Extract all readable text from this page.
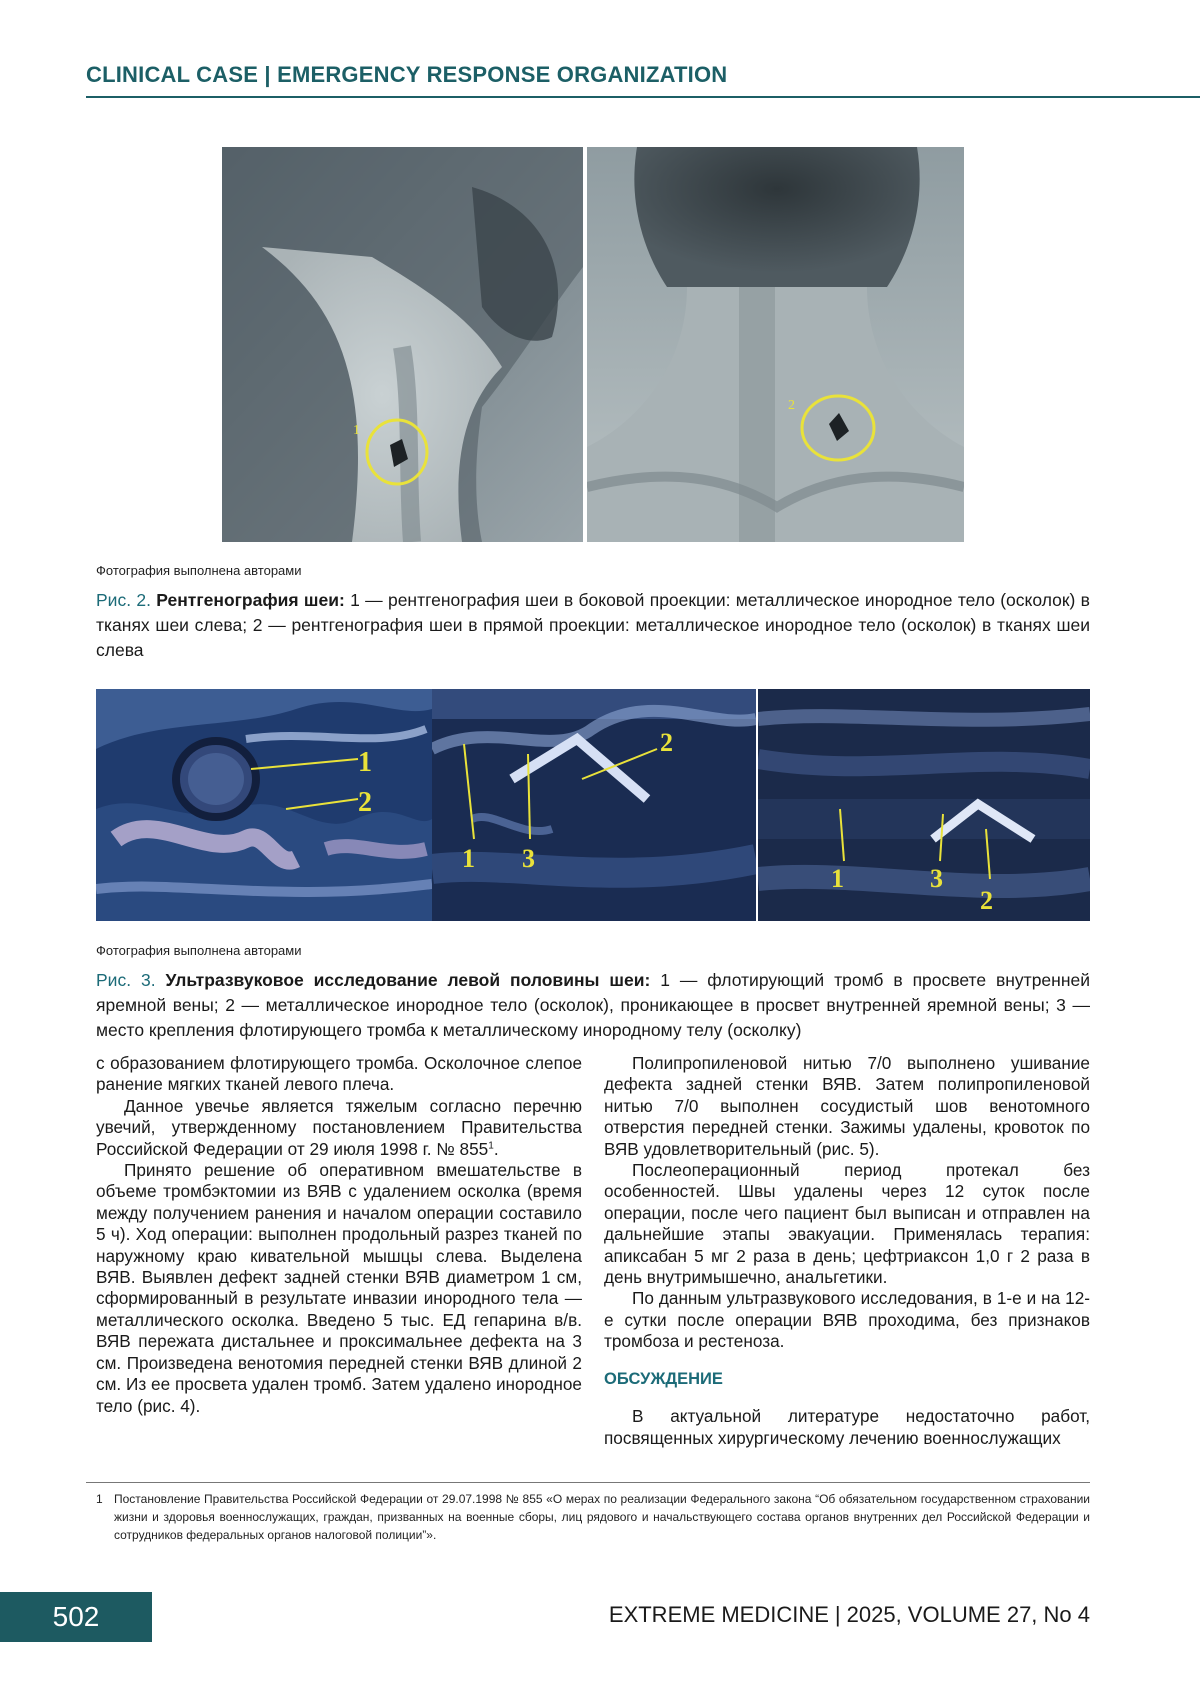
CLINICAL CASE | EMERGENCY RESPONSE ORGANIZATION
1
2
Фотография выполнена авторами
Рис. 2. Рентгенография шеи: 1 — рентгенография шеи в боковой проекции: металлическое инородное тело (осколок) в тканях шеи слева; 2 — рентгенография шеи в прямой проекции: металлическое инородное тело (осколок) в тканях шеи слева
1
2
1
2
3
1
2
3
Фотография выполнена авторами
Рис. 3. Ультразвуковое исследование левой половины шеи: 1 — флотирующий тромб в просвете внутренней яремной вены; 2 — металлическое инородное тело (осколок), проникающее в просвет внутренней яремной вены; 3 — место крепления флотирующего тромба к металлическому инородному телу (осколку)

с образованием флотирующего тромба. Осколочное слепое ранение мягких тканей левого плеча.

Данное увечье является тяжелым согласно перечню увечий, утвержденному постановлением Правительства Российской Федерации от 29 июля 1998 г. № $855^1$.

Принято решение об оперативном вмешательстве в объеме тромбэктомии из ВЯВ с удалением осколка (время между получением ранения и началом операции составило 5 ч). Ход операции: выполнен продольный разрез тканей по наружному краю кивательной мышцы слева. Выделена ВЯВ. Выявлен дефект задней стенки ВЯВ диаметром 1 см, сформированный в результате инвазии инородного тела — металлического осколка. Введено 5 тыс. ЕД гепарина в/в. ВЯВ пережата дистальнее и проксимальнее дефекта на 3 см. Произведена венотомия передней стенки ВЯВ длиной 2 см. Из ее просвета удален тромб. Затем удалено инородное тело (рис. 4).

Полипропиленовой нитью 7/0 выполнено ушивание дефекта задней стенки ВЯВ. Затем полипропиленовой нитью 7/0 выполнен сосудистый шов венотомного отверстия передней стенки. Зажимы удалены, кровоток по ВЯВ удовлетворительный (рис. 5).

Послеоперационный период протекал без особенностей. Швы удалены через 12 суток после операции, после чего пациент был выписан и отправлен на дальнейшие этапы эвакуации. Применялась терапия: апиксабан 5 мг 2 раза в день; цефтриаксон 1,0 г 2 раза в день внутримышечно, анальгетики.

По данным ультразвукового исследования, в 1-е и на 12-е сутки после операции ВЯВ проходима, без признаков тромбоза и рестеноза.

ОБСУЖДЕНИЕ

В актуальной литературе недостаточно работ, посвященных хирургическому лечению военнослужащих

1 Постановление Правительства Российской Федерации от 29.07.1998 № 855 «О мерах по реализации Федерального закона “Об обязательном государственном страховании жизни и здоровья военнослужащих, граждан, призванных на военные сборы, лиц рядового и начальствующего состава органов внутренних дел Российской Федерации и сотрудников федеральных органов налоговой полиции”».
502	EXTREME MEDICINE | 2025, VOLUME 27, No 4
